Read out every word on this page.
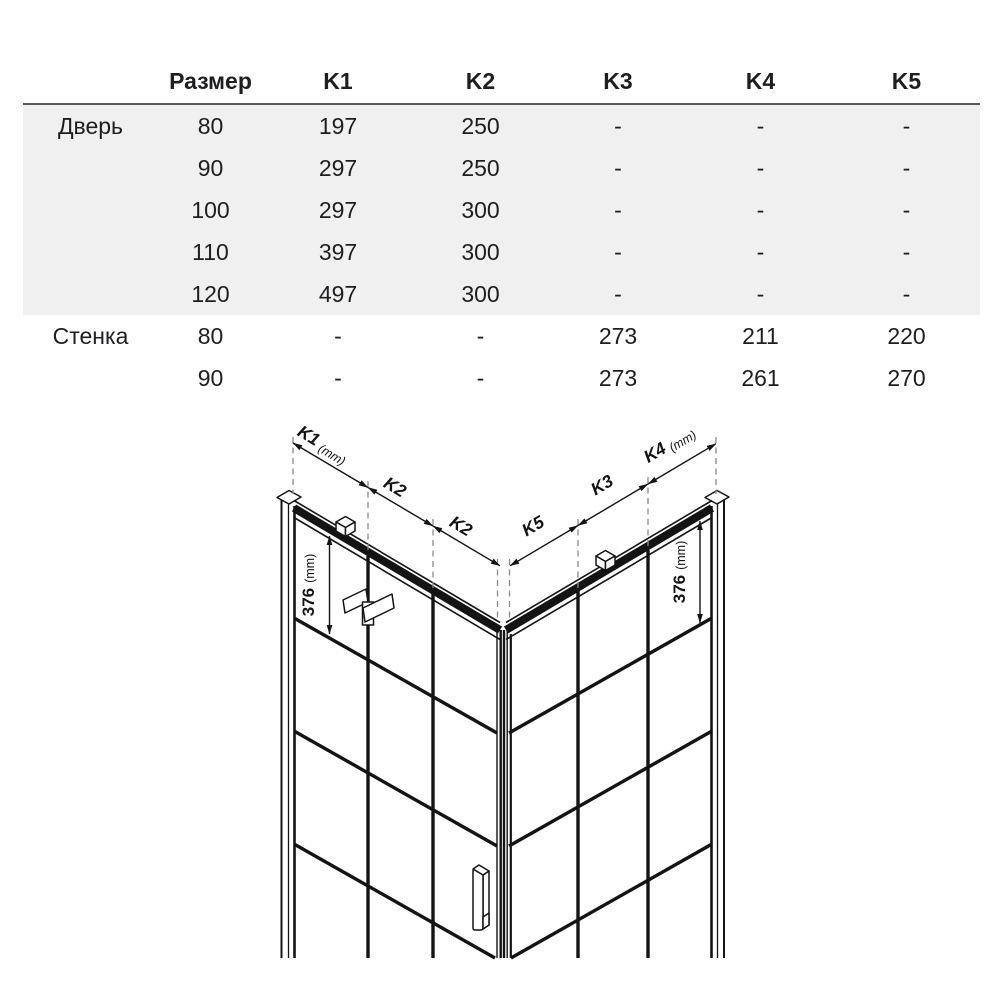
Размер	K1	K2	K3	K4	K5
Дверь	80	197	250	-	-	-
90	297	250	-	-	-
100	297	300	-	-	-
110	397	300	-	-	-
120	497	300	-	-	-
Стенка	80	-	-	273	211	220
90	-	-	273	261	270
K1(mm)
K2
K2 K5
K3
K4(mm)
376(mm)
376(mm)
